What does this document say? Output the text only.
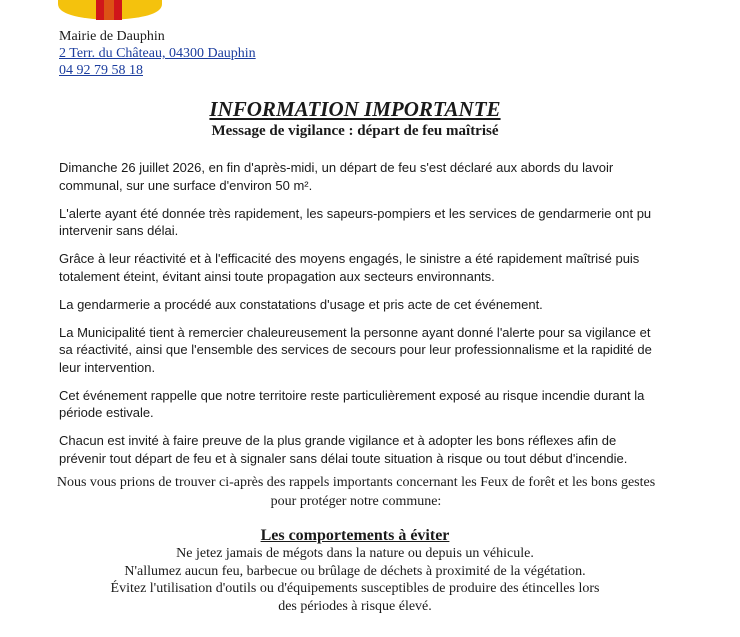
Mairie de Dauphin
2 Terr. du Château, 04300 Dauphin
04 92 79 58 18
INFORMATION IMPORTANTE
Message de vigilance : départ de feu maîtrisé

Dimanche 26 juillet 2026, en fin d'après-midi, un départ de feu s'est déclaré aux abords du lavoir communal, sur une surface d'environ 50 m².

L'alerte ayant été donnée très rapidement, les sapeurs-pompiers et les services de gendarmerie ont pu intervenir sans délai.

Grâce à leur réactivité et à l'efficacité des moyens engagés, le sinistre a été rapidement maîtrisé puis totalement éteint, évitant ainsi toute propagation aux secteurs environnants.

La gendarmerie a procédé aux constatations d'usage et pris acte de cet événement.

La Municipalité tient à remercier chaleureusement la personne ayant donné l'alerte pour sa vigilance et sa réactivité, ainsi que l'ensemble des services de secours pour leur professionnalisme et la rapidité de leur intervention.

Cet événement rappelle que notre territoire reste particulièrement exposé au risque incendie durant la période estivale.

Chacun est invité à faire preuve de la plus grande vigilance et à adopter les bons réflexes afin de prévenir tout départ de feu et à signaler sans délai toute situation à risque ou tout début d'incendie.

Nous vous prions de trouver ci-après des rappels importants concernant les Feux de forêt et les bons gestes pour protéger notre commune:
Les comportements à éviter
Ne jetez jamais de mégots dans la nature ou depuis un véhicule.
N'allumez aucun feu, barbecue ou brûlage de déchets à proximité de la végétation.
Évitez l'utilisation d'outils ou d'équipements susceptibles de produire des étincelles lors des périodes à risque élevé.
